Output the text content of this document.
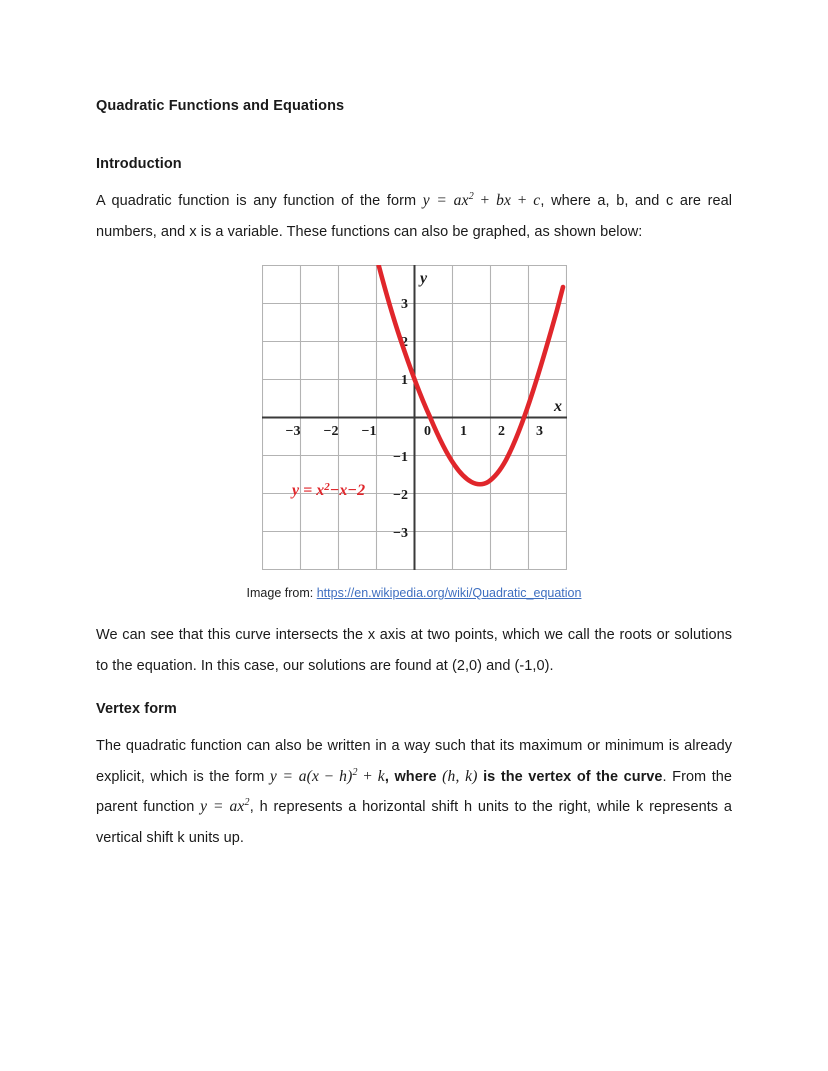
Quadratic Functions and Equations
Introduction

A quadratic function is any function of the form $y = ax^2$ + bx + c, where a, b, and c are real numbers, and x is a variable. These functions can also be graphed, as shown below:

−3 −2 −1	0 1 2 3
3
2
1
−1
−2
−3
y
x
$y = x^2-x-2$
Image from: https://en.wikipedia.org/wiki/Quadratic_equation

We can see that this curve intersects the x axis at two points, which we call the roots or solutions to the equation. In this case, our solutions are found at (2,0) and (-1,0).

Vertex form

The quadratic function can also be written in a way such that its maximum or minimum is already explicit, which is the form $y = a(x - h)^2 + k$, where (h, k) is the vertex of the curve. From the parent function $y = ax^2$, h represents a horizontal shift h units to the right, while k represents a vertical shift k units up.
